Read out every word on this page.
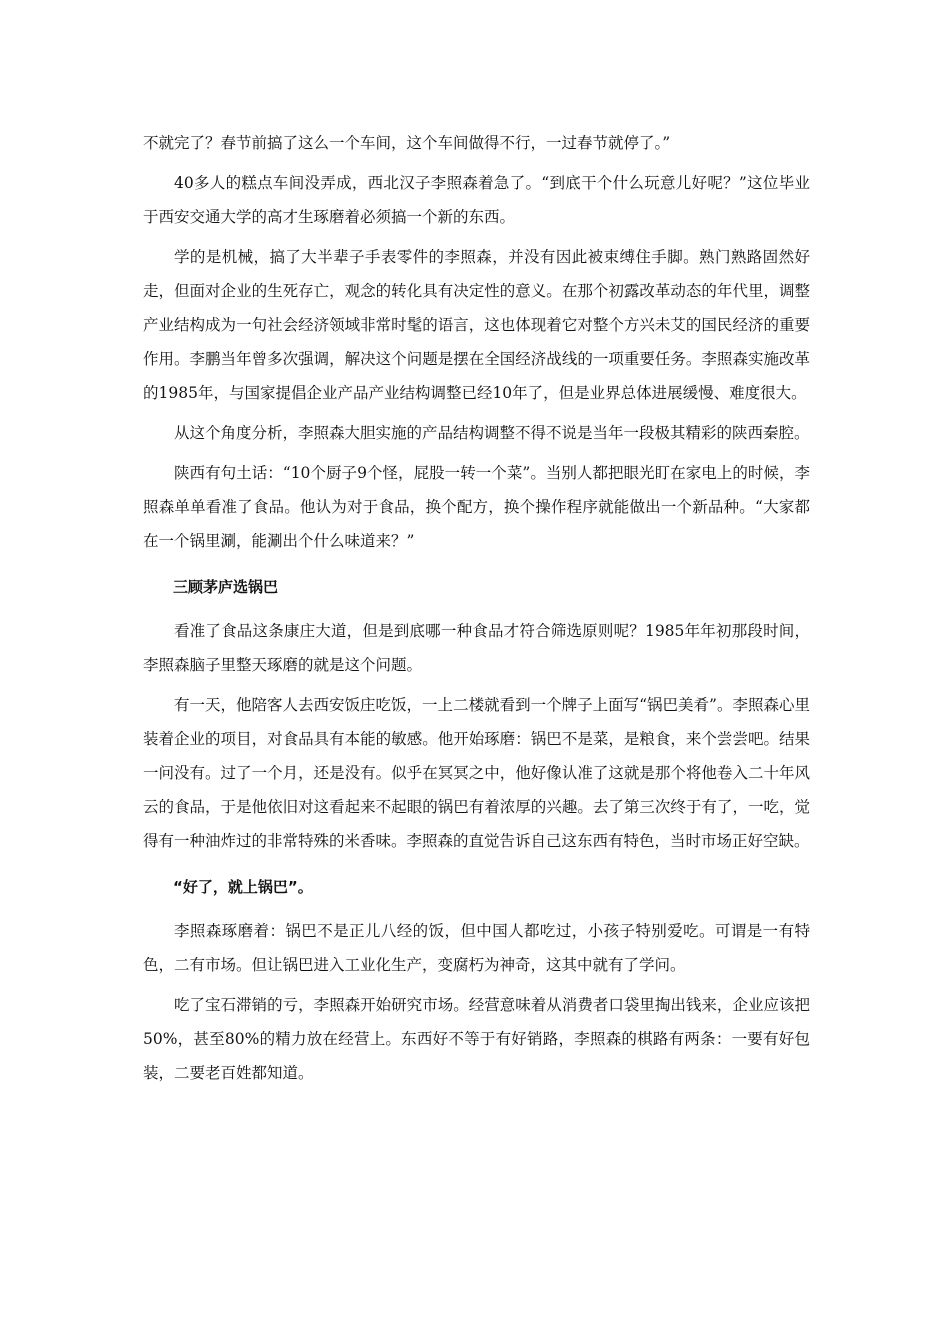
不就完了？春节前搞了这么一个车间，这个车间做得不行，一过春节就停了。”

40多人的糕点车间没弄成，西北汉子李照森着急了。“到底干个什么玩意儿好呢？”这位毕业于西安交通大学的高才生琢磨着必须搞一个新的东西。

学的是机械，搞了大半辈子手表零件的李照森，并没有因此被束缚住手脚。熟门熟路固然好走，但面对企业的生死存亡，观念的转化具有决定性的意义。在那个初露改革动态的年代里，调整产业结构成为一句社会经济领域非常时髦的语言，这也体现着它对整个方兴未艾的国民经济的重要作用。李鹏当年曾多次强调，解决这个问题是摆在全国经济战线的一项重要任务。李照森实施改革的1985年，与国家提倡企业产品产业结构调整已经10年了，但是业界总体进展缓慢、难度很大。

从这个角度分析，李照森大胆实施的产品结构调整不得不说是当年一段极其精彩的陕西秦腔。

陕西有句土话：“10个厨子9个怪，屁股一转一个菜”。当别人都把眼光盯在家电上的时候，李照森单单看准了食品。他认为对于食品，换个配方，换个操作程序就能做出一个新品种。“大家都在一个锅里涮，能涮出个什么味道来？”

三顾茅庐选锅巴

看准了食品这条康庄大道，但是到底哪一种食品才符合筛选原则呢？1985年年初那段时间，李照森脑子里整天琢磨的就是这个问题。

有一天，他陪客人去西安饭庄吃饭，一上二楼就看到一个牌子上面写“锅巴美肴”。李照森心里装着企业的项目，对食品具有本能的敏感。他开始琢磨：锅巴不是菜，是粮食，来个尝尝吧。结果一问没有。过了一个月，还是没有。似乎在冥冥之中，他好像认准了这就是那个将他卷入二十年风云的食品，于是他依旧对这看起来不起眼的锅巴有着浓厚的兴趣。去了第三次终于有了，一吃，觉得有一种油炸过的非常特殊的米香味。李照森的直觉告诉自己这东西有特色，当时市场正好空缺。

“好了，就上锅巴”。

李照森琢磨着：锅巴不是正儿八经的饭，但中国人都吃过，小孩子特别爱吃。可谓是一有特色，二有市场。但让锅巴进入工业化生产，变腐朽为神奇，这其中就有了学问。

吃了宝石滞销的亏，李照森开始研究市场。经营意味着从消费者口袋里掏出钱来，企业应该把50%，甚至80%的精力放在经营上。东西好不等于有好销路，李照森的棋路有两条：一要有好包装，二要老百姓都知道。
